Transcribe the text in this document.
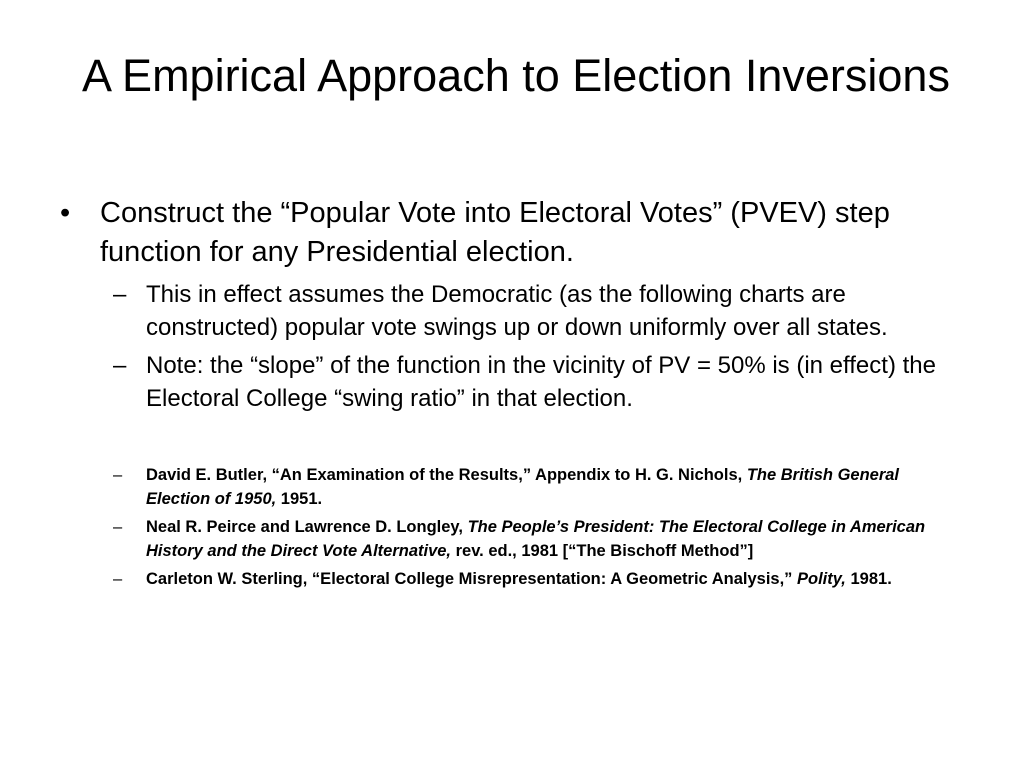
A Empirical Approach to Election Inversions
• Construct the “Popular Vote into Electoral Votes” (PVEV) step function for any Presidential election.
– This in effect assumes the Democratic (as the following charts are constructed) popular vote swings up or down uniformly over all states.
– Note: the “slope” of the function in the vicinity of PV = 50% is (in effect) the Electoral College “swing ratio” in that election.
– David E. Butler, “An Examination of the Results,” Appendix to H. G. Nichols, The British General Election of 1950, 1951.
– Neal R. Peirce and Lawrence D. Longley, The People’s President: The Electoral College in American History and the Direct Vote Alternative, rev. ed., 1981 [“The Bischoff Method”]
– Carleton W. Sterling, “Electoral College Misrepresentation: A Geometric Analysis,” Polity, 1981.
